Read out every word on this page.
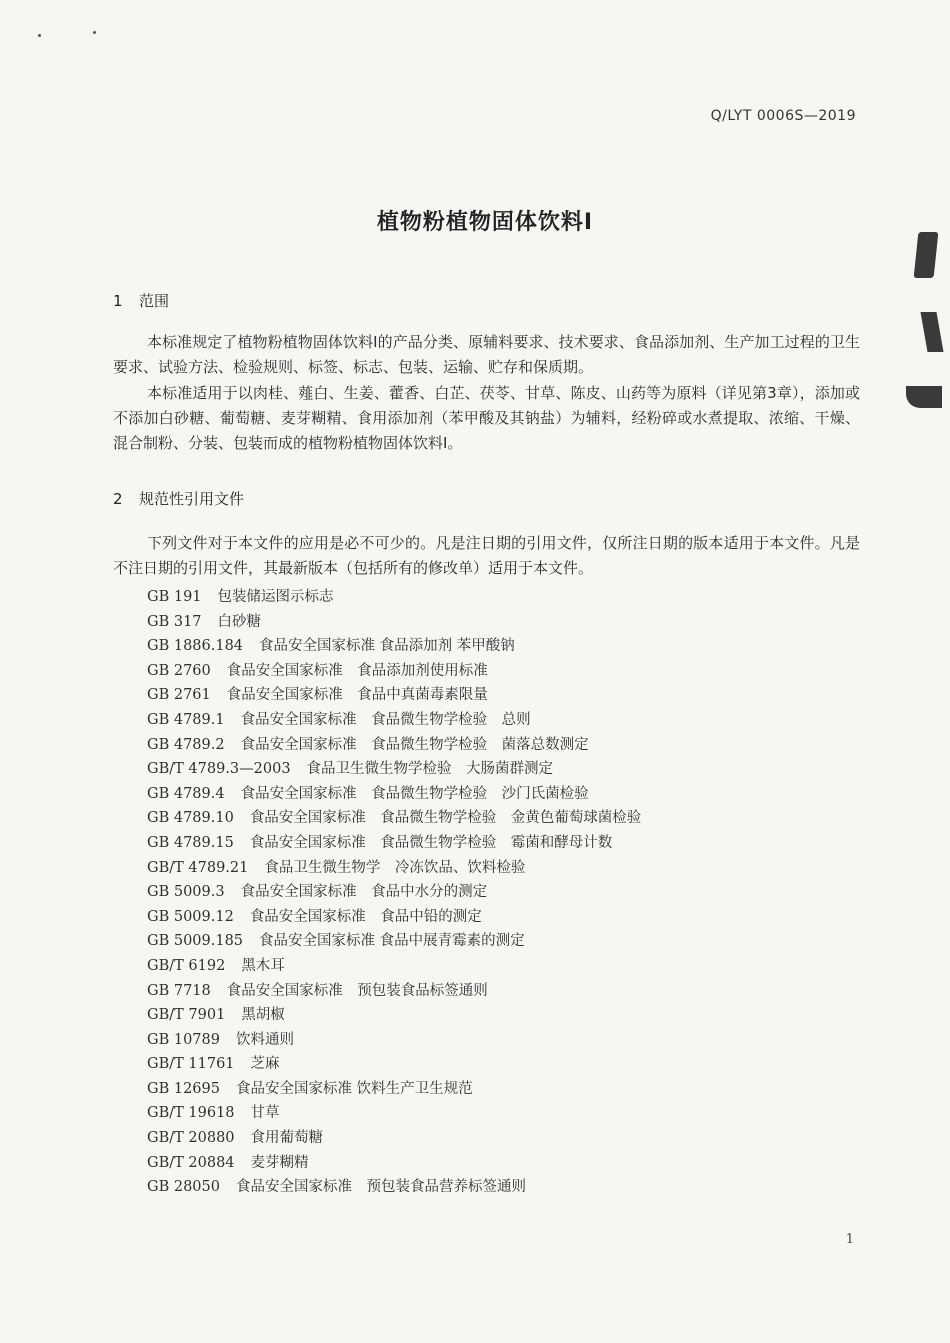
Q/LYT 0006S—2019
植物粉植物固体饮料Ⅰ
1 范围
本标准规定了植物粉植物固体饮料Ⅰ的产品分类、原辅料要求、技术要求、食品添加剂、生产加工过程的卫生要求、试验方法、检验规则、标签、标志、包装、运输、贮存和保质期。
本标准适用于以肉桂、薤白、生姜、藿香、白芷、茯苓、甘草、陈皮、山药等为原料（详见第3章），添加或不添加白砂糖、葡萄糖、麦芽糊精、食用添加剂（苯甲酸及其钠盐）为辅料，经粉碎或水煮提取、浓缩、干燥、混合制粉、分装、包装而成的植物粉植物固体饮料Ⅰ。
2 规范性引用文件
下列文件对于本文件的应用是必不可少的。凡是注日期的引用文件，仅所注日期的版本适用于本文件。凡是不注日期的引用文件，其最新版本（包括所有的修改单）适用于本文件。
GB 191 包装储运图示标志
GB 317 白砂糖
GB 1886.184 食品安全国家标准 食品添加剂 苯甲酸钠
GB 2760 食品安全国家标准　食品添加剂使用标准
GB 2761 食品安全国家标准　食品中真菌毒素限量
GB 4789.1 食品安全国家标准　食品微生物学检验　总则
GB 4789.2 食品安全国家标准　食品微生物学检验　菌落总数测定
GB/T 4789.3—2003 食品卫生微生物学检验　大肠菌群测定
GB 4789.4 食品安全国家标准　食品微生物学检验　沙门氏菌检验
GB 4789.10 食品安全国家标准　食品微生物学检验　金黄色葡萄球菌检验
GB 4789.15 食品安全国家标准　食品微生物学检验　霉菌和酵母计数
GB/T 4789.21 食品卫生微生物学　冷冻饮品、饮料检验
GB 5009.3 食品安全国家标准　食品中水分的测定
GB 5009.12 食品安全国家标准　食品中铅的测定
GB 5009.185 食品安全国家标准 食品中展青霉素的测定
GB/T 6192 黑木耳
GB 7718 食品安全国家标准　预包装食品标签通则
GB/T 7901 黑胡椒
GB 10789 饮料通则
GB/T 11761 芝麻
GB 12695 食品安全国家标准 饮料生产卫生规范
GB/T 19618 甘草
GB/T 20880 食用葡萄糖
GB/T 20884 麦芽糊精
GB 28050 食品安全国家标准　预包装食品营养标签通则
1
